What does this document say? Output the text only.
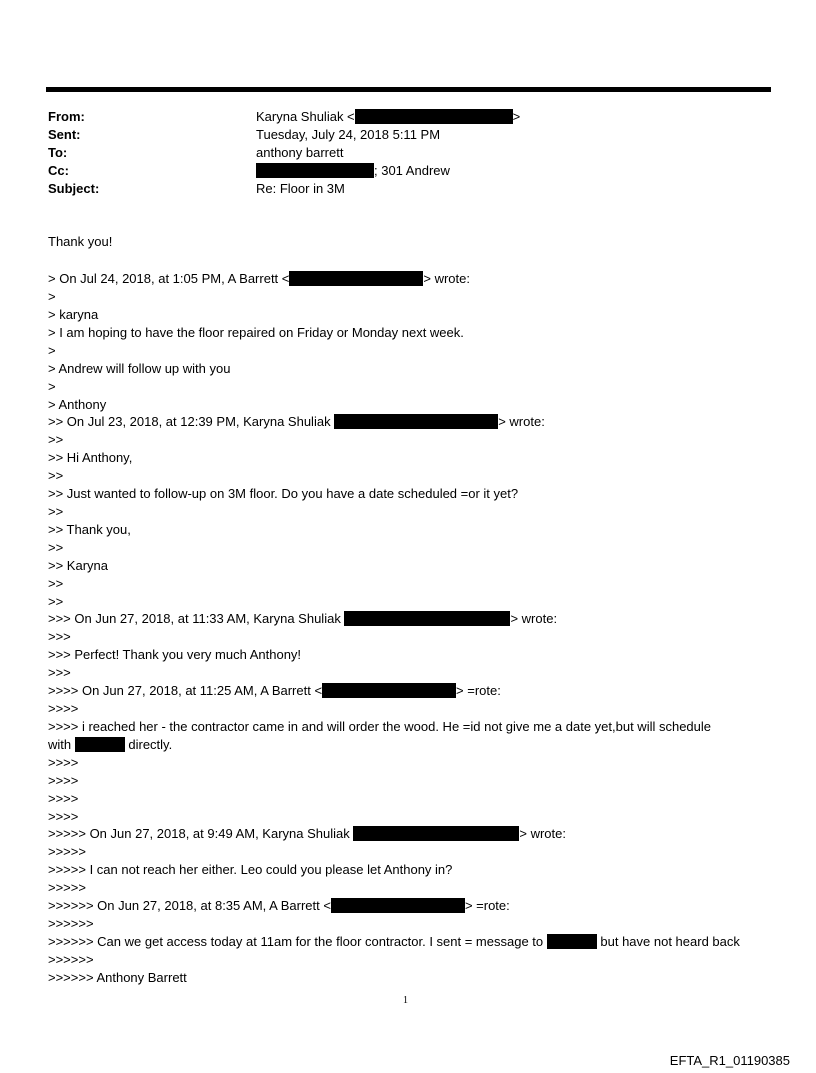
From:	Karyna Shuliak <	>
Sent:	Tuesday, July 24, 2018 5:11 PM
To:	anthony barrett
Cc:	; 301 Andrew
Subject:	Re: Floor in 3M
Thank you!
> On Jul 24, 2018, at 1:05 PM, A Barrett <	> wrote:
>
> karyna
> I am hoping to have the floor repaired on Friday or Monday next week.
>
> Andrew will follow up with you
>
> Anthony
>> On Jul 23, 2018, at 12:39 PM, Karyna Shuliak	> wrote:
>>
>> Hi Anthony,
>>
>> Just wanted to follow-up on 3M floor. Do you have a date scheduled =or it yet?
>>
>> Thank you,
>>
>> Karyna
>>
>>
>>> On Jun 27, 2018, at 11:33 AM, Karyna Shuliak	> wrote:
>>>
>>> Perfect! Thank you very much Anthony!
>>>
>>>> On Jun 27, 2018, at 11:25 AM, A Barrett <	> =rote:
>>>>
>>>> i reached her - the contractor came in and will order the wood. He =id not give me a date yet,but will schedule
with	directly.
>>>>
>>>>
>>>>
>>>>
>>>>> On Jun 27, 2018, at 9:49 AM, Karyna Shuliak	> wrote:
>>>>>
>>>>> I can not reach her either. Leo could you please let Anthony in?
>>>>>
>>>>>> On Jun 27, 2018, at 8:35 AM, A Barrett <	> =rote:
>>>>>>
>>>>>> Can we get access today at 11am for the floor contractor. I sent = message to	but have not heard back
>>>>>>
>>>>>> Anthony Barrett
1
EFTA_R1_01190385
